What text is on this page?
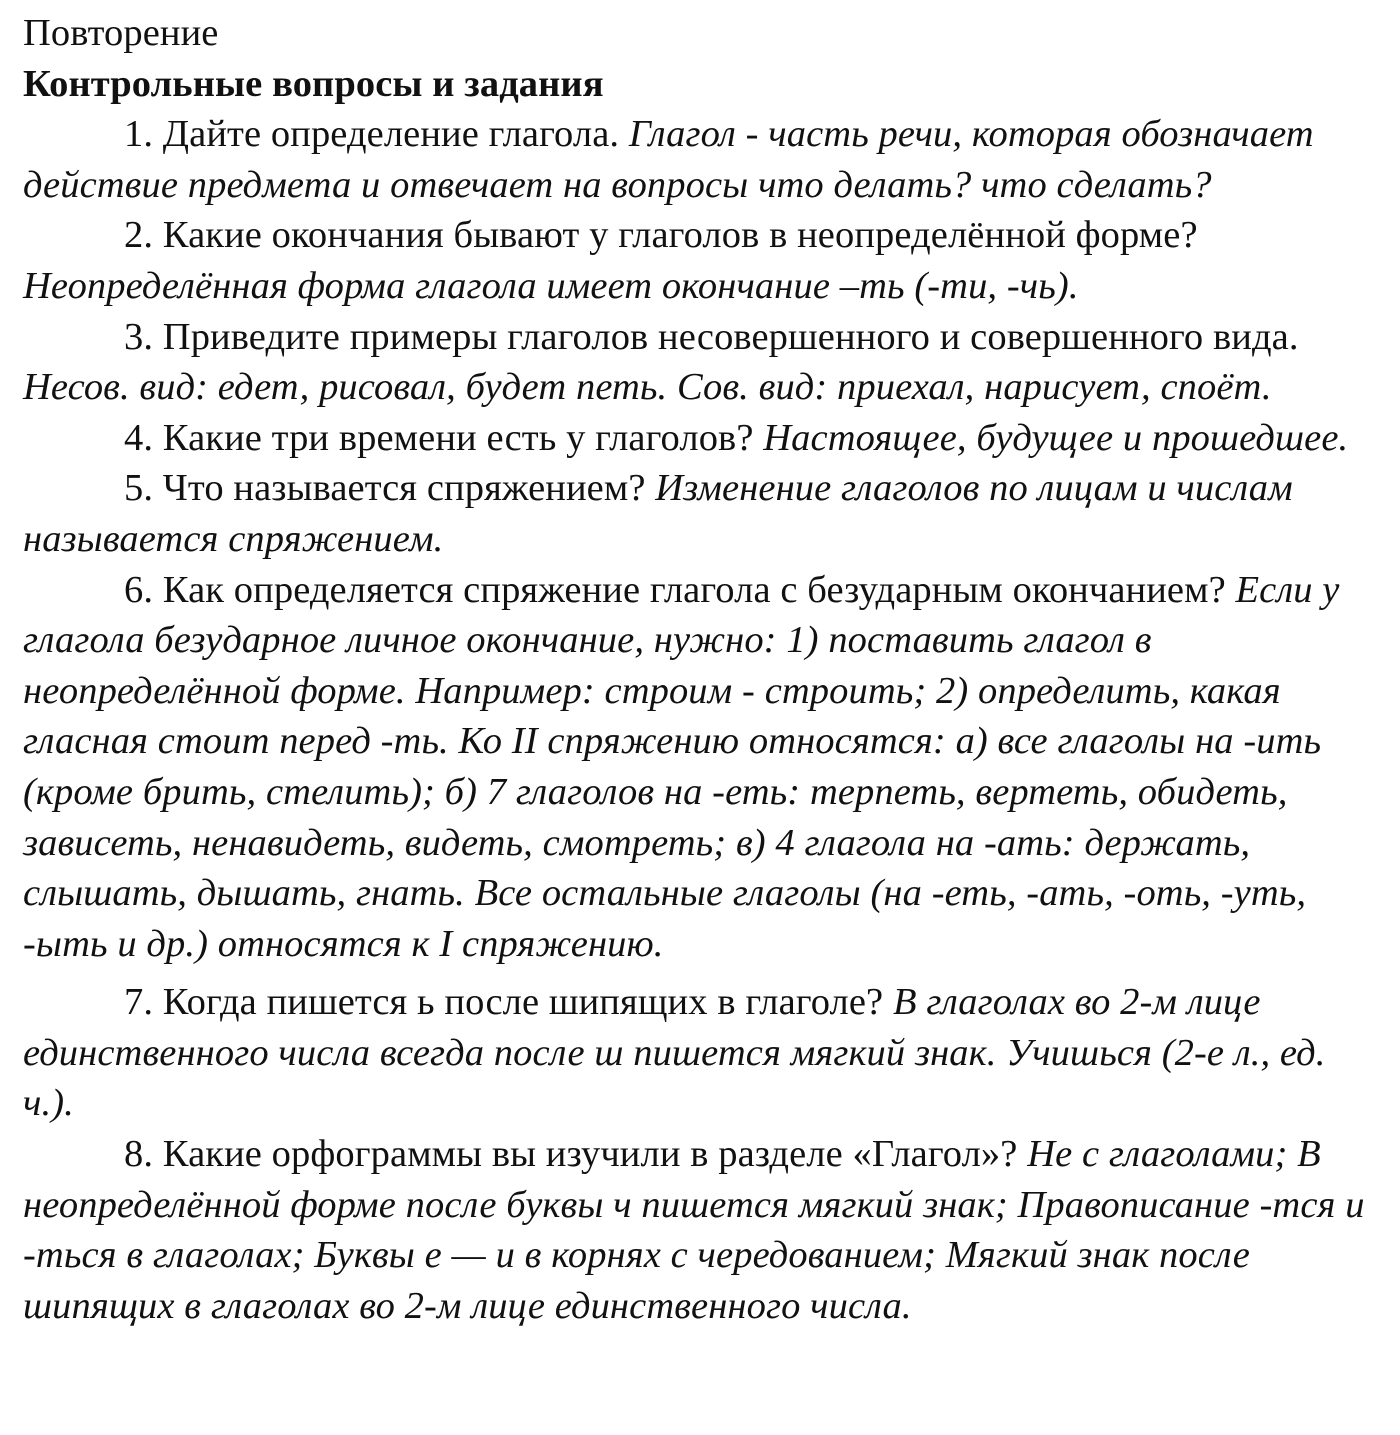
Повторение

Контрольные вопросы и задания

1. Дайте определение глагола. Глагол - часть речи, которая обозначает действие предмета и отвечает на вопросы что делать? что сделать?

2. Какие окончания бывают у глаголов в неопределённой форме? Неопределённая форма глагола имеет окончание –ть (-ти, -чь).

3. Приведите примеры глаголов несовершенного и совершенного вида. Несов. вид: едет, рисовал, будет петь. Сов. вид: приехал, нарисует, споёт.

4. Какие три времени есть у глаголов? Настоящее, будущее и прошедшее.

5. Что называется спряжением? Изменение глаголов по лицам и числам называется спряжением.

6. Как определяется спряжение глагола с безударным окончанием? Если у глагола безударное личное окончание, нужно: 1) поставить глагол в неопределённой форме. Например: строим - строить; 2) определить, какая гласная стоит перед -ть. Ко II спряжению относятся: а) все глаголы на -ить (кроме брить, стелить); б) 7 глаголов на -еть: терпеть, вертеть, обидеть, зависеть, ненавидеть, видеть, смотреть; в) 4 глагола на -ать: держать, слышать, дышать, гнать. Все остальные глаголы (на -еть, -ать, -оть, -уть, -ыть и др.) относятся к I спряжению.

7. Когда пишется ь после шипящих в глаголе? В глаголах во 2-м лице единственного числа всегда после ш пишется мягкий знак. Учишься (2-е л., ед. ч.).

8. Какие орфограммы вы изучили в разделе «Глагол»? Не с глаголами; В неопределённой форме после буквы ч пишется мягкий знак; Правописание -тся и -ться в глаголах; Буквы е — и в корнях с чередованием; Мягкий знак после шипящих в глаголах во 2-м лице единственного числа.
